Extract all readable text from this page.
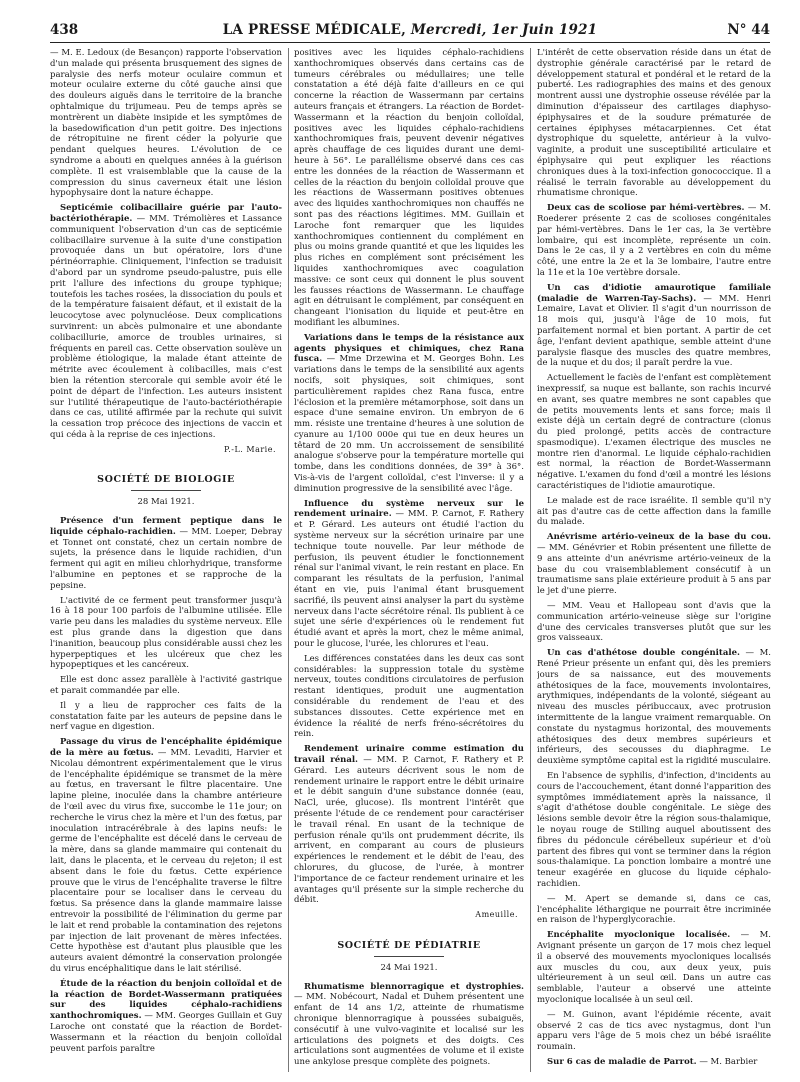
438	LA PRESSE MÉDICALE, Mercredi, 1er Juin 1921	N° 44

— M. E. Ledoux (de Besançon) rapporte l'observation d'un malade qui présenta brusquement des signes de paralysie des nerfs moteur oculaire commun et moteur oculaire externe du côté gauche ainsi que des douleurs aiguës dans le territoire de la branche ophtalmique du trijumeau. Peu de temps après se montrèrent un diabète insipide et les symptômes de la basedowification d'un petit goitre. Des injections de rétropituine ne firent céder la polyurie que pendant quelques heures. L'évolution de ce syndrome a abouti en quelques années à la guérison complète. Il est vraisemblable que la cause de la compression du sinus caverneux était une lésion hypophysaire dont la nature échappe.

Septicémie colibacillaire guérie par l'auto-bactériothérapie. — MM. Trémolières et Lassance communiquent l'observation d'un cas de septicémie colibacillaire survenue à la suite d'une constipation provoquée dans un but opératoire, lors d'une périnéorraphie. Cliniquement, l'infection se traduisit d'abord par un syndrome pseudo-palustre, puis elle prit l'allure des infections du groupe typhique; toutefois les taches rosées, la dissociation du pouls et de la température faisaient défaut, et il existait de la leucocytose avec polynucléose. Deux complications survinrent: un abcès pulmonaire et une abondante colibacillurie, amorce de troubles urinaires, si fréquents en pareil cas. Cette observation soulève un problème étiologique, la malade étant atteinte de métrite avec écoulement à colibacilles, mais c'est bien la rétention stercorale qui semble avoir été le point de départ de l'infection. Les auteurs insistent sur l'utilité thérapeutique de l'auto-bactériothérapie dans ce cas, utilité affirmée par la rechute qui suivit la cessation trop précoce des injections de vaccin et qui céda à la reprise de ces injections.

P.-L. Marie.
SOCIÉTÉ DE BIOLOGIE
28 Mai 1921.

Présence d'un ferment peptique dans le liquide céphalo-rachidien. — MM. Loeper, Debray et Tonnet ont constaté, chez un certain nombre de sujets, la présence dans le liquide rachidien, d'un ferment qui agit en milieu chlorhydrique, transforme l'albumine en peptones et se rapproche de la pepsine.

L'activité de ce ferment peut transformer jusqu'à 16 à 18 pour 100 parfois de l'albumine utilisée. Elle varie peu dans les maladies du système nerveux. Elle est plus grande dans la digestion que dans l'inanition, beaucoup plus considérable aussi chez les hyperpeptiques et les ulcéreux que chez les hypopeptiques et les cancéreux.

Elle est donc assez parallèle à l'activité gastrique et parait commandée par elle.

Il y a lieu de rapprocher ces faits de la constatation faite par les auteurs de pepsine dans le nerf vague en digestion.

Passage du virus de l'encéphalite épidémique de la mère au fœtus. — MM. Levaditi, Harvier et Nicolau démontrent expérimentalement que le virus de l'encéphalite épidémique se transmet de la mère au fœtus, en traversant le filtre placentaire. Une lapine pleine, inoculée dans la chambre antérieure de l'œil avec du virus fixe, succombe le 11e jour; on recherche le virus chez la mère et l'un des fœtus, par inoculation intracérébrale à des lapins neufs: le germe de l'encéphalite est décelé dans le cerveau de la mère, dans sa glande mammaire qui contenait du lait, dans le placenta, et le cerveau du rejeton; il est absent dans le foie du fœtus. Cette expérience prouve que le virus de l'encéphalite traverse le filtre placentaire pour se localiser dans le cerveau du fœtus. Sa présence dans la glande mammaire laisse entrevoir la possibilité de l'élimination du germe par le lait et rend probable la contamination des rejetons par injection de lait provenant de mères infectées. Cette hypothèse est d'autant plus plausible que les auteurs avaient démontré la conservation prolongée du virus encéphalitique dans le lait stérilisé.

Étude de la réaction du benjoin colloïdal et de la réaction de Bordet-Wassermann pratiquées sur des liquides céphalo-rachidiens xanthochromiques. — MM. Georges Guillain et Guy Laroche ont constaté que la réaction de Bordet-Wassermann et la réaction du benjoin colloïdal peuvent parfois paraître

positives avec les liquides céphalo-rachidiens xanthochromiques observés dans certains cas de tumeurs cérébrales ou médullaires; une telle constatation a été déjà faite d'ailleurs en ce qui concerne la réaction de Wassermann par certains auteurs français et étrangers. La réaction de Bordet-Wassermann et la réaction du benjoin colloïdal, positives avec les liquides céphalo-rachidiens xanthochromiques frais, peuvent devenir négatives après chauffage de ces liquides durant une demi-heure à 56°. Le parallélisme observé dans ces cas entre les données de la réaction de Wassermann et celles de la réaction du benjoin colloïdal prouve que les réactions de Wassermann positives obtenues avec des liquides xanthochromiques non chauffés ne sont pas des réactions légitimes. MM. Guillain et Laroche font remarquer que les liquides xanthochromiques contiennent du complément en plus ou moins grande quantité et que les liquides les plus riches en complément sont précisément les liquides xanthochromiques avec coagulation massive: ce sont ceux qui donnent le plus souvent les fausses réactions de Wassermann. Le chauffage agit en détruisant le complément, par conséquent en changeant l'ionisation du liquide et peut-être en modifiant les albumines.

Variations dans le temps de la résistance aux agents physiques et chimiques, chez Rana fusca. — Mme Drzewina et M. Georges Bohn. Les variations dans le temps de la sensibilité aux agents nocifs, soit physiques, soit chimiques, sont particulièrement rapides chez Rana fusca, entre l'éclosion et la première métamorphose, soit dans un espace d'une semaine environ. Un embryon de 6 mm. résiste une trentaine d'heures à une solution de cyanure au 1/100 000e qui tue en deux heures un têtard de 20 mm. Un accroissement de sensibilité analogue s'observe pour la température mortelle qui tombe, dans les conditions données, de 39° à 36°. Vis-à-vis de l'argent colloïdal, c'est l'inverse: il y a diminution progressive de la sensibilité avec l'âge.

Influence du système nerveux sur le rendement urinaire. — MM. P. Carnot, F. Rathery et P. Gérard. Les auteurs ont étudié l'action du système nerveux sur la sécrétion urinaire par une technique toute nouvelle. Par leur méthode de perfusion, ils peuvent étudier le fonctionnement rénal sur l'animal vivant, le rein restant en place. En comparant les résultats de la perfusion, l'animal étant en vie, puis l'animal étant brusquement sacrifié, ils peuvent ainsi analyser la part du système nerveux dans l'acte sécrétoire rénal. Ils publient à ce sujet une série d'expériences où le rendement fut étudié avant et après la mort, chez le même animal, pour le glucose, l'urée, les chlorures et l'eau.

Les différences constatées dans les deux cas sont considérables: la suppression totale du système nerveux, toutes conditions circulatoires de perfusion restant identiques, produit une augmentation considérable du rendement de l'eau et des substances dissoutes. Cette expérience met en évidence la réalité de nerfs fréno-sécrétoires du rein.

Rendement urinaire comme estimation du travail rénal. — MM. P. Carnot, F. Rathery et P. Gérard. Les auteurs décrivent sous le nom de rendement urinaire le rapport entre le débit urinaire et le débit sanguin d'une substance donnée (eau, NaCl, urée, glucose). Ils montrent l'intérêt que présente l'étude de ce rendement pour caractériser le travail rénal. En usant de la technique de perfusion rénale qu'ils ont prudemment décrite, ils arrivent, en comparant au cours de plusieurs expériences le rendement et le débit de l'eau, des chlorures, du glucose, de l'urée, à montrer l'importance de ce facteur rendement urinaire et les avantages qu'il présente sur la simple recherche du débit.

Ameuille.
SOCIÉTÉ DE PÉDIATRIE
24 Mai 1921.

Rhumatisme blennorragique et dystrophies. — MM. Nobécourt, Nadal et Duhem présentent une enfant de 14 ans 1/2, atteinte de rhumatisme chronique blennorragique à poussées subaiguës, consécutif à une vulvo-vaginite et localisé sur les articulations des poignets et des doigts. Ces articulations sont augmentées de volume et il existe une ankylose presque complète des poignets.

L'intérêt de cette observation réside dans un état de dystrophie générale caractérisé par le retard de développement statural et pondéral et le retard de la puberté. Les radiographies des mains et des genoux montrent aussi une dystrophie osseuse révélée par la diminution d'épaisseur des cartilages diaphyso-épiphysaires et de la soudure prématurée de certaines épiphyses métacarpiennes. Cet état dystrophique du squelette, antérieur à la vulvo-vaginite, a produit une susceptibilité articulaire et épiphysaire qui peut expliquer les réactions chroniques dues à la toxi-infection gonococcique. Il a réalisé le terrain favorable au développement du rhumatisme chronique.

Deux cas de scoliose par hémi-vertèbres. — M. Roederer présente 2 cas de scolioses congénitales par hémi-vertèbres. Dans le 1er cas, la 3e vertèbre lombaire, qui est incomplète, représente un coin. Dans le 2e cas, il y a 2 vertèbres en coin du même côté, une entre la 2e et la 3e lombaire, l'autre entre la 11e et la 10e vertèbre dorsale.

Un cas d'idiotie amaurotique familiale (maladie de Warren-Tay-Sachs). — MM. Henri Lemaire, Lavat et Olivier. Il s'agit d'un nourrisson de 18 mois qui, jusqu'à l'âge de 10 mois, fut parfaitement normal et bien portant. A partir de cet âge, l'enfant devient apathique, semble atteint d'une paralysie flasque des muscles des quatre membres, de la nuque et du dos; il paraît perdre la vue.

Actuellement le faciès de l'enfant est complètement inexpressif, sa nuque est ballante, son rachis incurvé en avant, ses quatre membres ne sont capables que de petits mouvements lents et sans force; mais il existe déjà un certain degré de contracture (clonus du pied prolongé, petits accès de contracture spasmodique). L'examen électrique des muscles ne montre rien d'anormal. Le liquide céphalo-rachidien est normal, la réaction de Bordet-Wassermann négative. L'examen du fond d'œil a montré les lésions caractéristiques de l'idiotie amaurotique.

Le malade est de race israélite. Il semble qu'il n'y ait pas d'autre cas de cette affection dans la famille du malade.

Anévrisme artério-veineux de la base du cou. — MM. Génévrier et Robin présentent une fillette de 9 ans atteinte d'un anévrisme artério-veineux de la base du cou vraisemblablement consécutif à un traumatisme sans plaie extérieure produit à 5 ans par le jet d'une pierre.

— MM. Veau et Hallopeau sont d'avis que la communication artério-veineuse siège sur l'origine d'une des cervicales transverses plutôt que sur les gros vaisseaux.

Un cas d'athétose double congénitale. — M. René Prieur présente un enfant qui, dès les premiers jours de sa naissance, eut des mouvements athétosiques de la face, mouvements involontaires, arythmiques, indépendants de la volonté, siégeant au niveau des muscles péribuccaux, avec protrusion intermittente de la langue vraiment remarquable. On constate du nystagmus horizontal, des mouvements athétosiques des deux membres supérieurs et inférieurs, des secousses du diaphragme. Le deuxième symptôme capital est la rigidité musculaire.

En l'absence de syphilis, d'infection, d'incidents au cours de l'accouchement, étant donné l'apparition des symptômes immédiatement après la naissance, il s'agit d'athétose double congénitale. Le siège des lésions semble devoir être la région sous-thalamique, le noyau rouge de Stilling auquel aboutissent des fibres du pédoncule cérébelleux supérieur et d'où partent des fibres qui vont se terminer dans la région sous-thalamique. La ponction lombaire a montré une teneur exagérée en glucose du liquide céphalo-rachidien.

— M. Apert se demande si, dans ce cas, l'encéphalite léthargique ne pourrait être incriminée en raison de l'hyperglycorachie.

Encéphalite myoclonique localisée. — M. Avignant présente un garçon de 17 mois chez lequel il a observé des mouvements myocloniques localisés aux muscles du cou, aux deux yeux, puis ultérieurement à un seul œil. Dans un autre cas semblable, l'auteur a observé une atteinte myoclonique localisée à un seul œil.

— M. Guinon, avant l'épidémie récente, avait observé 2 cas de tics avec nystagmus, dont l'un apparu vers l'âge de 5 mois chez un bébé israélite roumain.

Sur 6 cas de maladie de Parrot. — M. Barbier
